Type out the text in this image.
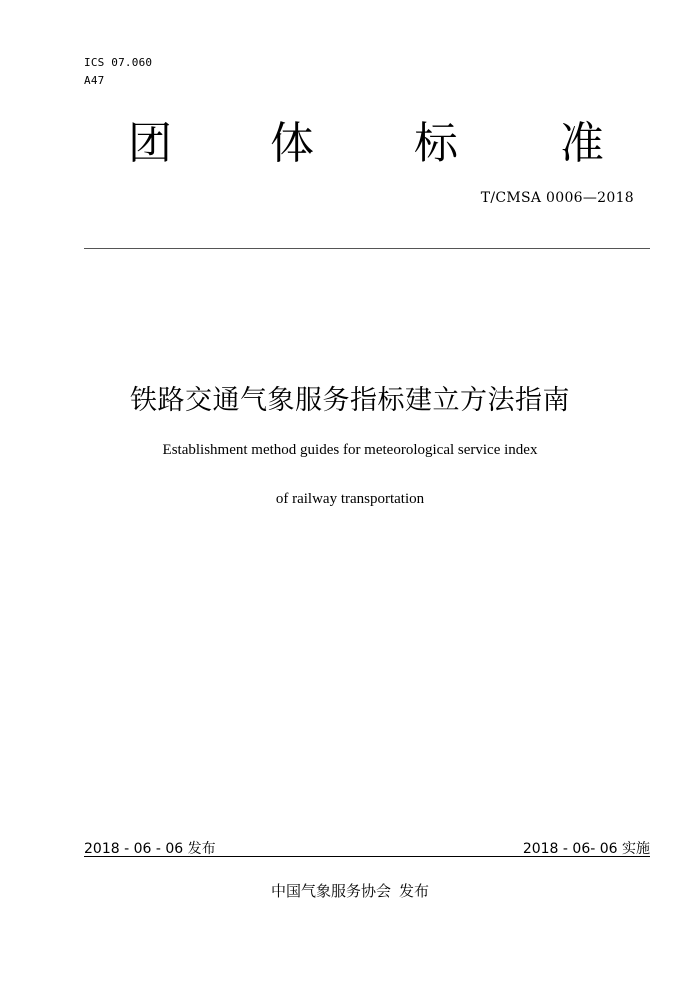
ICS 07.060
A47
团 体 标 准
T/CMSA 0006—2018
铁路交通气象服务指标建立方法指南
Establishment method guides for meteorological service index
of railway transportation
2018 - 06 - 06 发布	2018 - 06- 06 实施
中国气象服务协会 发布
